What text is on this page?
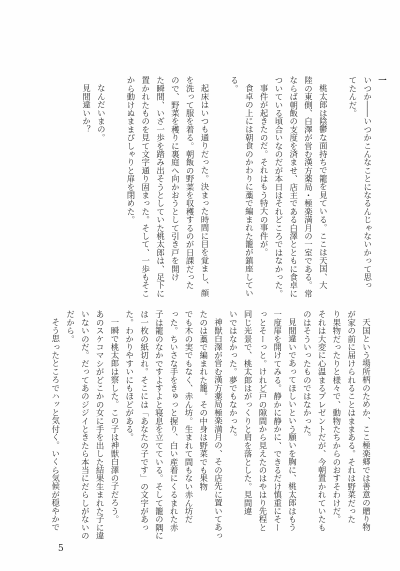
一
いつか――いつかこんなことになるんじゃないかって思っ
てたんだ。
桃太郎は陰鬱な面持ちで籠を見ている。ここは天国、大
陸の東側、白澤が営む漢方薬局・極楽満月の一室である。常
ならば朝飯の支度を済ませ、店主である白澤とともに食卓に
ついている頃合いなのだが本日はそれどころではなかった。
事件が起きたのだ。それはもう特大の事件が。
食卓の上には朝食のかわりに藁で編まれた籠が鎮座してい
る。
起床はいつも通りだった。決まった時間に目を覚まし、顔
を洗って服を着る。朝飯の野菜を収穫するのが日課だった
ので、野菜を穫りに裏庭へ向かおうとして引き戸を開け
た瞬間、いざ一歩を踏み出そうとしていた桃太郎は、足下に
置かれたものを見て文字通り固まった。そして、一歩もそこ
から動けぬままぴしゃりと扉を閉めた。
なんだいまの。
見間違いか？
天国という場所柄のためか、ここ極楽郷では善意の贈り物
が家の前に届けられることはままある。それは野菜だった
り果物だったりと様々で、動物たちからのおすそわけだ。
それは大変に心温まるプレゼントだが、今朝置かれていたも
のはそういったものではなかった。
見間違いであってほしいという願いを胸に、桃太郎はもう
一度扉を開けてみる。静かに静かに、できるだけ慎重にそー
っとそーっと。けれど戸の隙間から見えたのはやはり先程と
同じ光景で、桃太郎はがっくりと肩を落とした。見間違
いではなかった。夢でもなかった。
神獣白澤が営む漢方薬局極楽満月の、その店先に置いてあっ
たのは藁で編まれた籠。その中身は野菜でも果物
でも木の実でもなく、赤ん坊。生まれて間もない赤ん坊だ
った。ちいさな手をきゅっと握り、白い産着にくるまれた赤
子は籠のなかですよすよと寝息を立てている。そして籠の隅に
は一枚の紙切れ。そこには「あなたの子です」の文字があっ
た。わかりやすいにもほどがある。
一瞬で桃太郎は察した。この子は神獣白澤の子だろう。
あのスケコマシがどこかの女に手を出した結果生まれた子に違
いないのだ。だってあのジジイときたら本当にだらしがないの
だから。
そう思ったところでハッと気付く。いくら気候が穏やかで
5
